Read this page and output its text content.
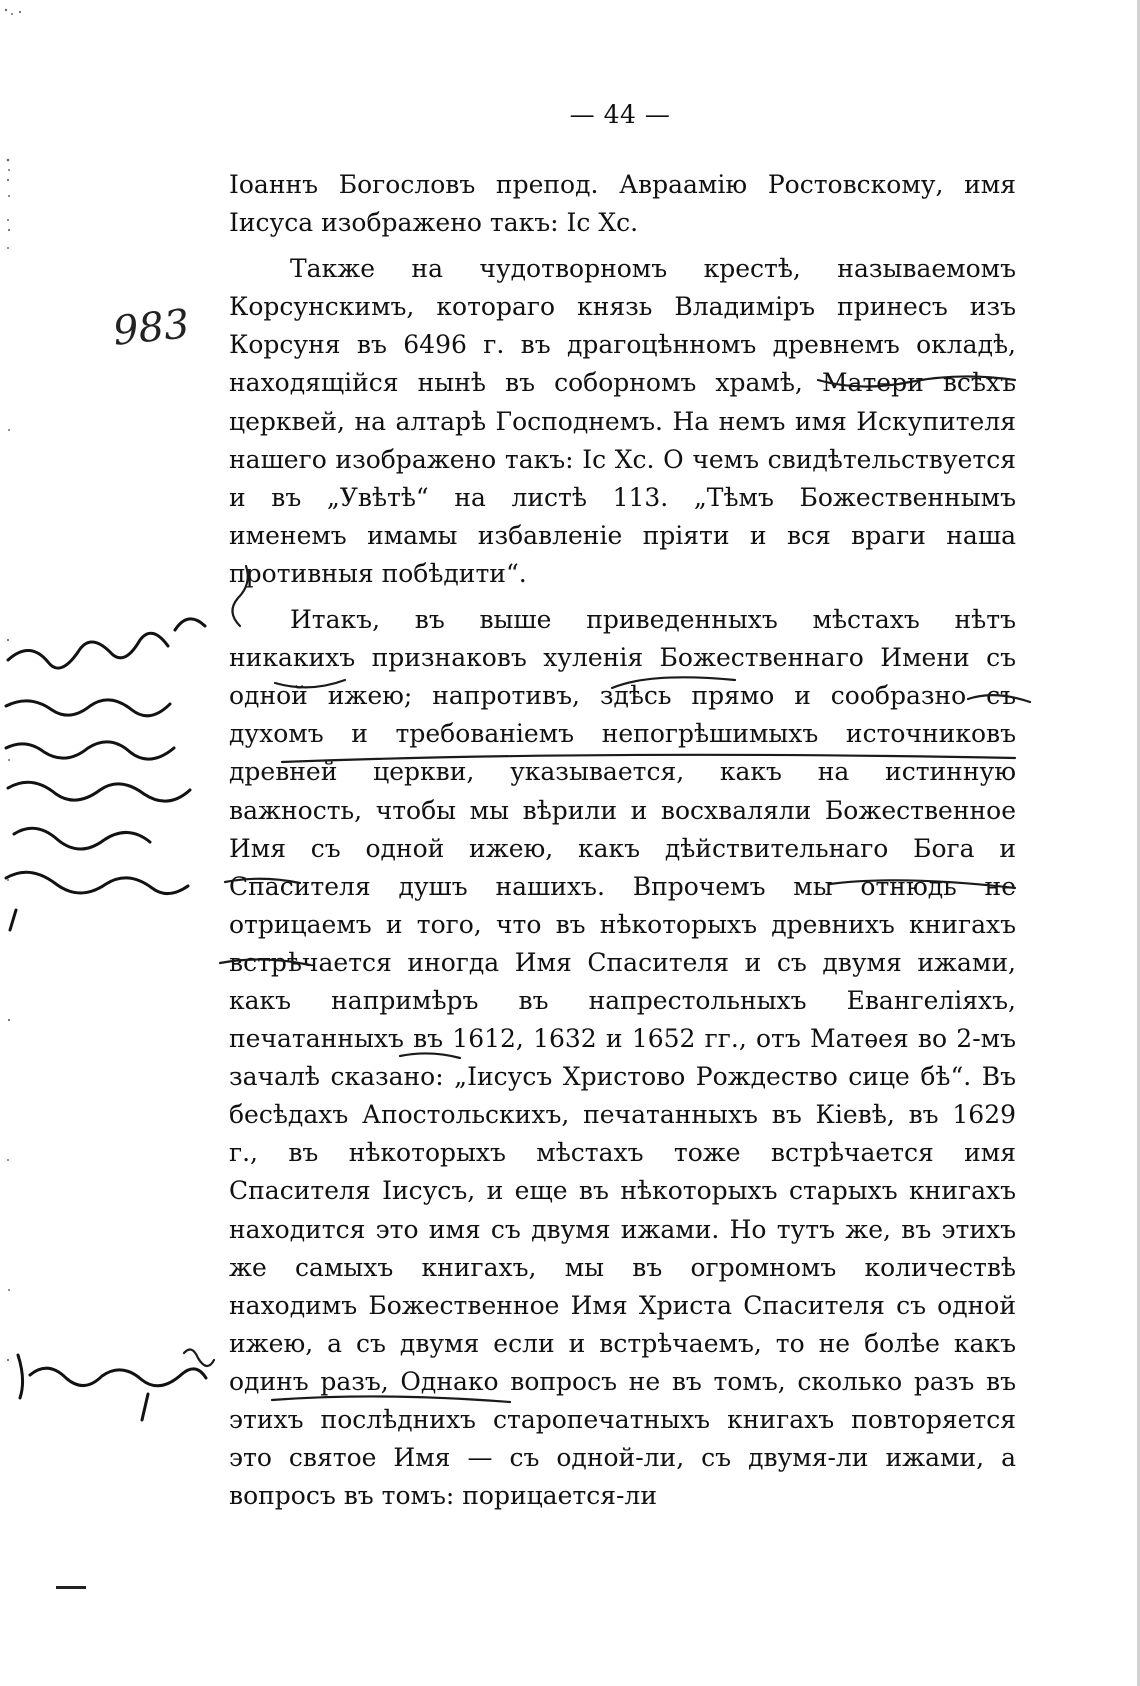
— 44 —

Іоаннъ Богословъ препод. Авраамію Ростовскому, имя Іисуса изображено такъ: Іс Хс.

Также на чудотворномъ крестѣ, называемомъ Корсунскимъ, котораго князь Владиміръ принесъ изъ Корсуня въ 6496 г. въ драгоцѣнномъ древнемъ окладѣ, находящійся нынѣ въ соборномъ храмѣ, Матери всѣхъ церквей, на алтарѣ Господнемъ. На немъ имя Искупителя нашего изображено такъ: Іс Хс. О чемъ свидѣтельствуется и въ „Увѣтѣ“ на листѣ 113. „Тѣмъ Божественнымъ именемъ имамы избавленіе пріяти и вся враги наша противныя побѣдити“.

Итакъ, въ выше приведенныхъ мѣстахъ нѣтъ никакихъ признаковъ хуленія Божественнаго Имени съ одной ижею; напротивъ, здѣсь прямо и сообразно съ духомъ и требованіемъ непогрѣшимыхъ источниковъ древней церкви, указывается, какъ на истинную важность, чтобы мы вѣрили и восхваляли Божественное Имя съ одной ижею, какъ дѣйствительнаго Бога и Спасителя душъ нашихъ. Впрочемъ мы отнюдь не отрицаемъ и того, что въ нѣкоторыхъ древнихъ книгахъ встрѣчается иногда Имя Спасителя и съ двумя ижами, какъ напримѣръ въ напрестольныхъ Евангеліяхъ, печатанныхъ въ 1612, 1632 и 1652 гг., отъ Матѳея во 2-мъ зачалѣ сказано: „Іисусъ Христово Рождество сице бѣ“. Въ бесѣдахъ Апостольскихъ, печатанныхъ въ Кіевѣ, въ 1629 г., въ нѣкоторыхъ мѣстахъ тоже встрѣчается имя Спасителя Іисусъ, и еще въ нѣкоторыхъ старыхъ книгахъ находится это имя съ двумя ижами. Но тутъ же, въ этихъ же самыхъ книгахъ, мы въ огромномъ количествѣ находимъ Божественное Имя Христа Спасителя съ одной ижею, а съ двумя если и встрѣчаемъ, то не болѣе какъ одинъ разъ, Однако вопросъ не въ томъ, сколько разъ въ этихъ послѣднихъ старопечатныхъ книгахъ повторяется это святое Имя — съ одной-ли, съ двумя-ли ижами, а вопросъ въ томъ: порицается-ли

983
